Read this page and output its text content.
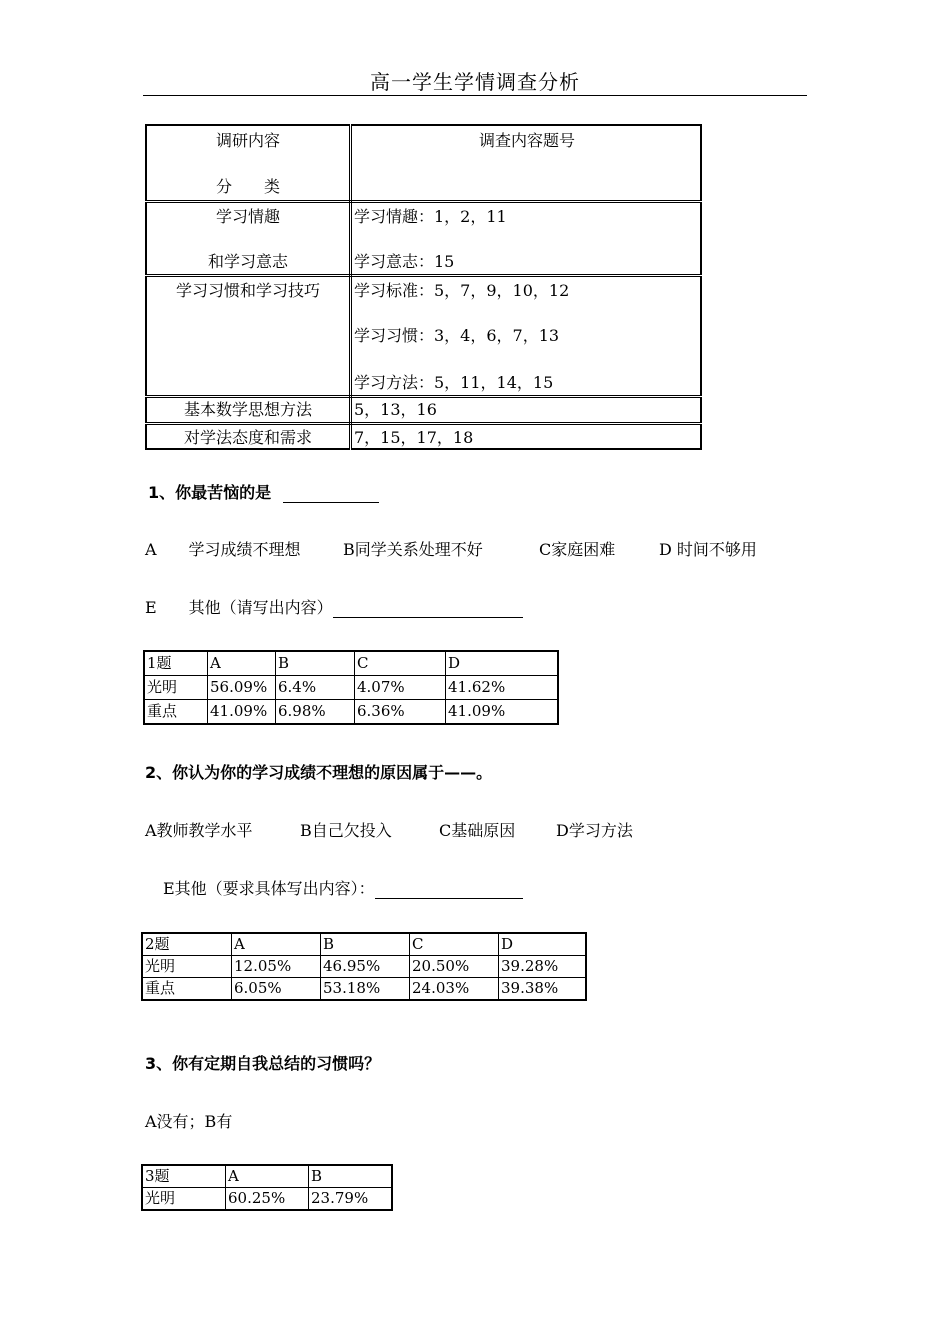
高一学生学情调查分析
调研内容
分　　类	调查内容题号

学习情趣
和学习意志	学习情趣：1，2，11
学习意志：15

学习习惯和学习技巧	学习标准：5，7，9，10，12
学习习惯：3，4，6，7，13
学习方法：5，11，14，15

基本数学思想方法	5，13，16

对学法态度和需求	7，15，17，18
1、你最苦恼的是
A　　学习成绩不理想	B同学关系处理不好	C家庭困难	D 时间不够用
E　　其他（请写出内容）
1题	A	B	C	D
光明	56.09%	6.4%	4.07%	41.62%
重点	41.09%	6.98%	6.36%	41.09%
2、你认为你的学习成绩不理想的原因属于——。
A教师教学水平	B自己欠投入	C基础原因	D学习方法
E其他（要求具体写出内容）：
2题	A	B	C	D
光明	12.05%	46.95%	20.50%	39.28%
重点	6.05%	53.18%	24.03%	39.38%
3、你有定期自我总结的习惯吗？
A没有；B有
3题	A	B
光明	60.25%	23.79%
